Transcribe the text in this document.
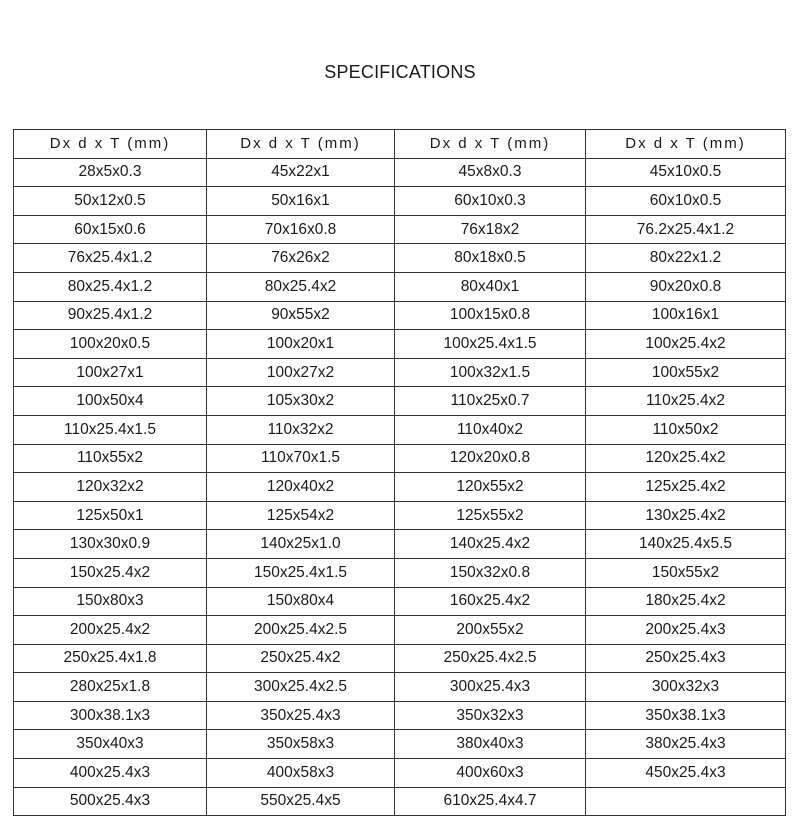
SPECIFICATIONS
Dx d x T (mm)	Dx d x T (mm)	Dx d x T (mm)	Dx d x T (mm)
28x5x0.3	45x22x1	45x8x0.3	45x10x0.5
50x12x0.5	50x16x1	60x10x0.3	60x10x0.5
60x15x0.6	70x16x0.8	76x18x2	76.2x25.4x1.2
76x25.4x1.2	76x26x2	80x18x0.5	80x22x1.2
80x25.4x1.2	80x25.4x2	80x40x1	90x20x0.8
90x25.4x1.2	90x55x2	100x15x0.8	100x16x1
100x20x0.5	100x20x1	100x25.4x1.5	100x25.4x2
100x27x1	100x27x2	100x32x1.5	100x55x2
100x50x4	105x30x2	110x25x0.7	110x25.4x2
110x25.4x1.5	110x32x2	110x40x2	110x50x2
110x55x2	110x70x1.5	120x20x0.8	120x25.4x2
120x32x2	120x40x2	120x55x2	125x25.4x2
125x50x1	125x54x2	125x55x2	130x25.4x2
130x30x0.9	140x25x1.0	140x25.4x2	140x25.4x5.5
150x25.4x2	150x25.4x1.5	150x32x0.8	150x55x2
150x80x3	150x80x4	160x25.4x2	180x25.4x2
200x25.4x2	200x25.4x2.5	200x55x2	200x25.4x3
250x25.4x1.8	250x25.4x2	250x25.4x2.5	250x25.4x3
280x25x1.8	300x25.4x2.5	300x25.4x3	300x32x3
300x38.1x3	350x25.4x3	350x32x3	350x38.1x3
350x40x3	350x58x3	380x40x3	380x25.4x3
400x25.4x3	400x58x3	400x60x3	450x25.4x3
500x25.4x3	550x25.4x5	610x25.4x4.7	
